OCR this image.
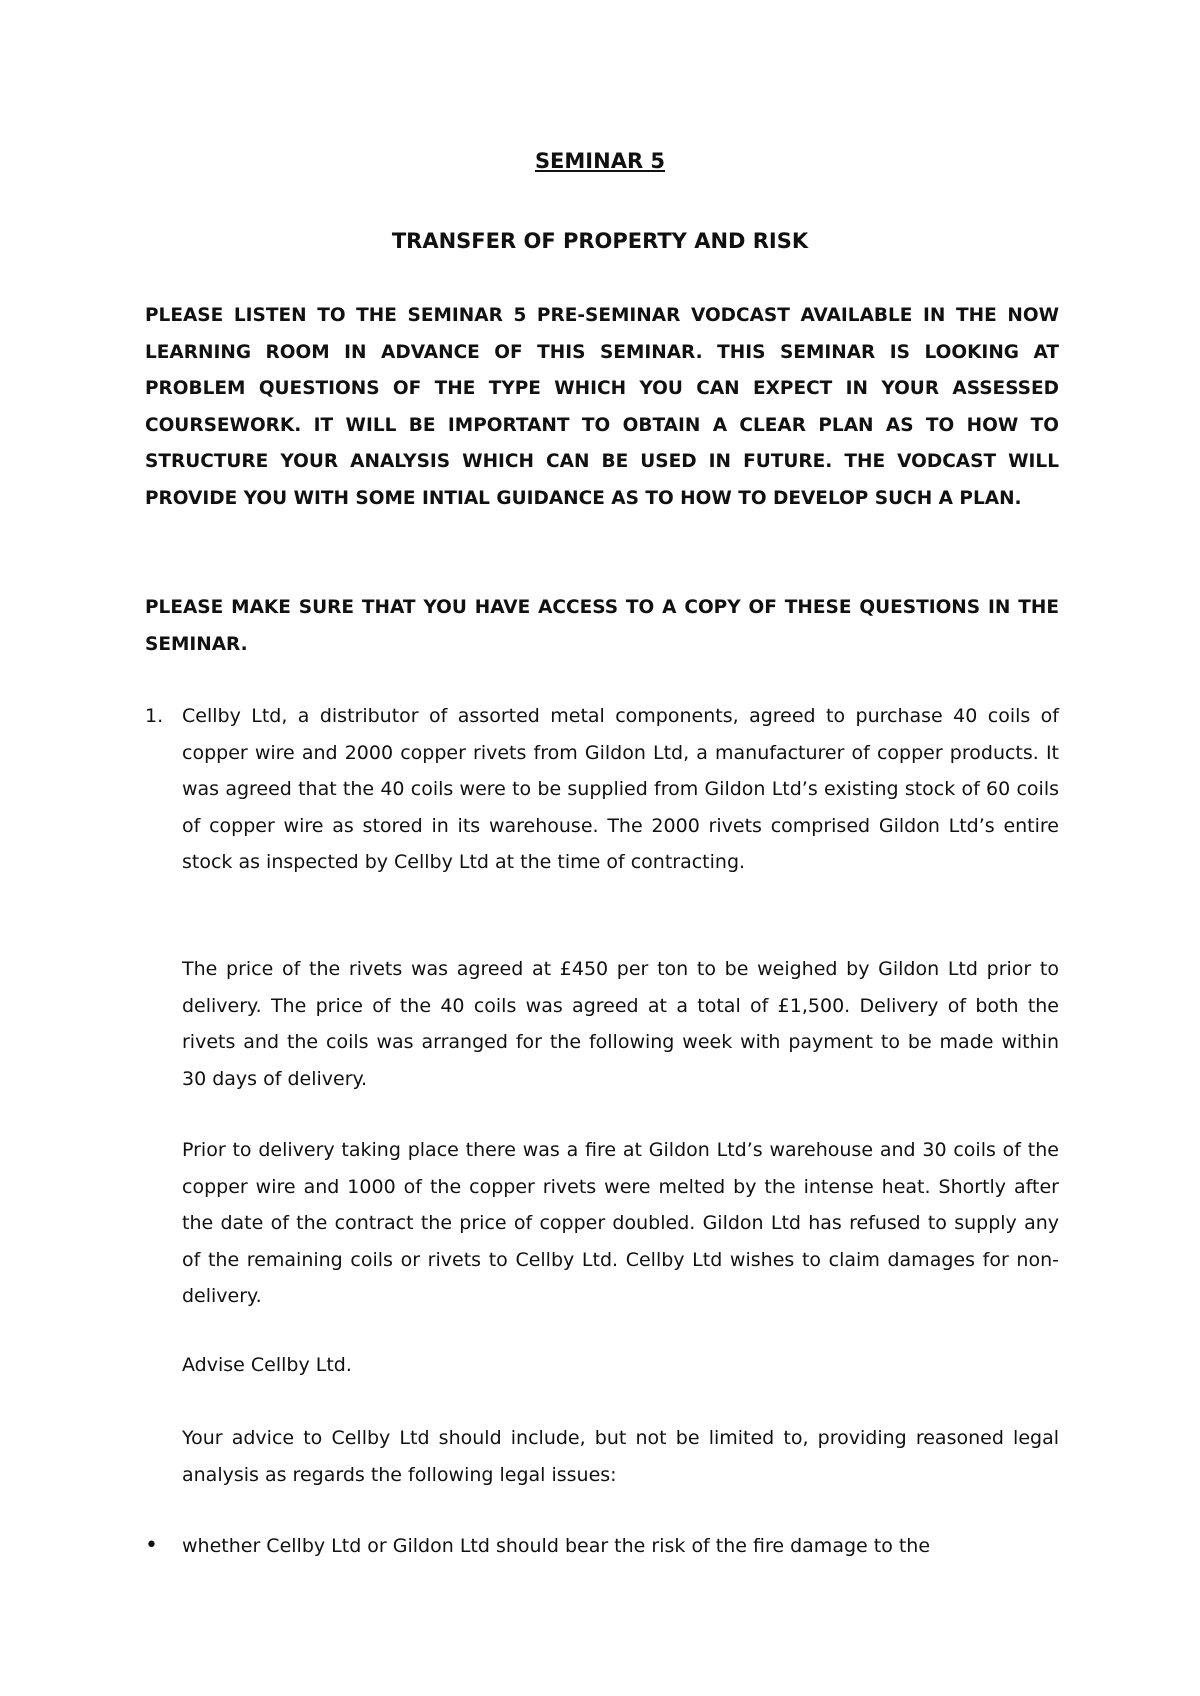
SEMINAR 5
TRANSFER OF PROPERTY AND RISK

PLEASE LISTEN TO THE SEMINAR 5 PRE-SEMINAR VODCAST AVAILABLE IN THE NOW LEARNING ROOM IN ADVANCE OF THIS SEMINAR. THIS SEMINAR IS LOOKING AT PROBLEM QUESTIONS OF THE TYPE WHICH YOU CAN EXPECT IN YOUR ASSESSED COURSEWORK. IT WILL BE IMPORTANT TO OBTAIN A CLEAR PLAN AS TO HOW TO STRUCTURE YOUR ANALYSIS WHICH CAN BE USED IN FUTURE. THE VODCAST WILL PROVIDE YOU WITH SOME INTIAL GUIDANCE AS TO HOW TO DEVELOP SUCH A PLAN.

PLEASE MAKE SURE THAT YOU HAVE ACCESS TO A COPY OF THESE QUESTIONS IN THE SEMINAR.

1. Cellby Ltd, a distributor of assorted metal components, agreed to purchase 40 coils of copper wire and 2000 copper rivets from Gildon Ltd, a manufacturer of copper products. It was agreed that the 40 coils were to be supplied from Gildon Ltd’s existing stock of 60 coils of copper wire as stored in its warehouse. The 2000 rivets comprised Gildon Ltd’s entire stock as inspected by Cellby Ltd at the time of contracting.

The price of the rivets was agreed at £450 per ton to be weighed by Gildon Ltd prior to delivery. The price of the 40 coils was agreed at a total of £1,500. Delivery of both the rivets and the coils was arranged for the following week with payment to be made within 30 days of delivery.

Prior to delivery taking place there was a fire at Gildon Ltd’s warehouse and 30 coils of the copper wire and 1000 of the copper rivets were melted by the intense heat. Shortly after the date of the contract the price of copper doubled. Gildon Ltd has refused to supply any of the remaining coils or rivets to Cellby Ltd. Cellby Ltd wishes to claim damages for non-delivery.

Advise Cellby Ltd.

Your advice to Cellby Ltd should include, but not be limited to, providing reasoned legal analysis as regards the following legal issues:

• whether Cellby Ltd or Gildon Ltd should bear the risk of the fire damage to the
